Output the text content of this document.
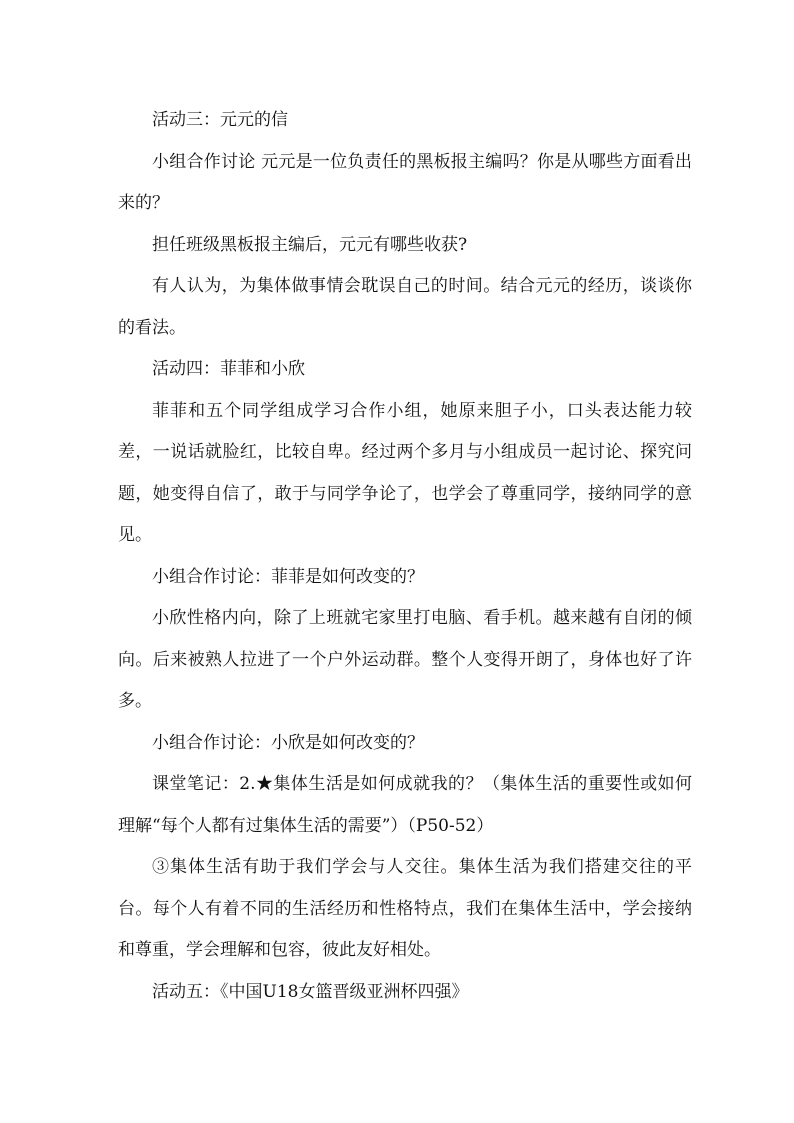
活动三：元元的信

小组合作讨论 元元是一位负责任的黑板报主编吗？你是从哪些方面看出来的？

担任班级黑板报主编后，元元有哪些收获?

有人认为，为集体做事情会耽误自己的时间。结合元元的经历，谈谈你的看法。

活动四：菲菲和小欣

菲菲和五个同学组成学习合作小组，她原来胆子小，口头表达能力较差，一说话就脸红，比较自卑。经过两个多月与小组成员一起讨论、探究问题，她变得自信了，敢于与同学争论了，也学会了尊重同学，接纳同学的意见。

小组合作讨论：菲菲是如何改变的？

小欣性格内向，除了上班就宅家里打电脑、看手机。越来越有自闭的倾向。后来被熟人拉进了一个户外运动群。整个人变得开朗了，身体也好了许多。

小组合作讨论：小欣是如何改变的？

课堂笔记：2.★集体生活是如何成就我的？（集体生活的重要性或如何理解“每个人都有过集体生活的需要”）（P50-52）

③集体生活有助于我们学会与人交往。集体生活为我们搭建交往的平台。每个人有着不同的生活经历和性格特点，我们在集体生活中，学会接纳和尊重，学会理解和包容，彼此友好相处。

活动五：《中国U18女篮晋级亚洲杯四强》
